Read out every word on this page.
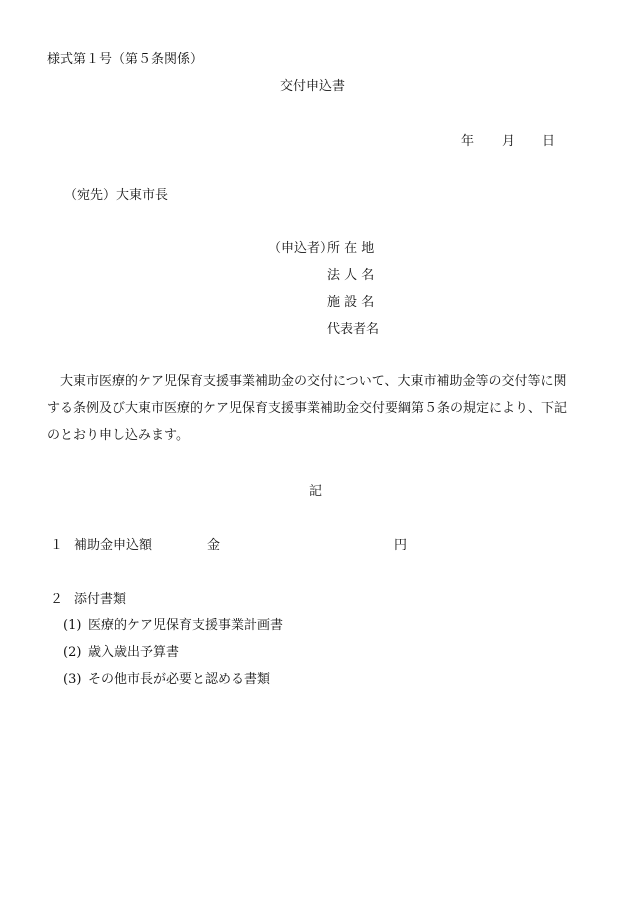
様式第１号（第５条関係）
交付申込書
年 月 日
（宛先）大東市長
（申込者）
所 在 地
法 人 名
施 設 名
代表者名
大東市医療的ケア児保育支援事業補助金の交付について、大東市補助金等の交付等に関
する条例及び大東市医療的ケア児保育支援事業補助金交付要綱第５条の規定により、下記
のとおり申し込みます。
記
１ 補助金申込額	金	円
２ 添付書類
(1) 医療的ケア児保育支援事業計画書
(2) 歳入歳出予算書
(3) その他市長が必要と認める書類
